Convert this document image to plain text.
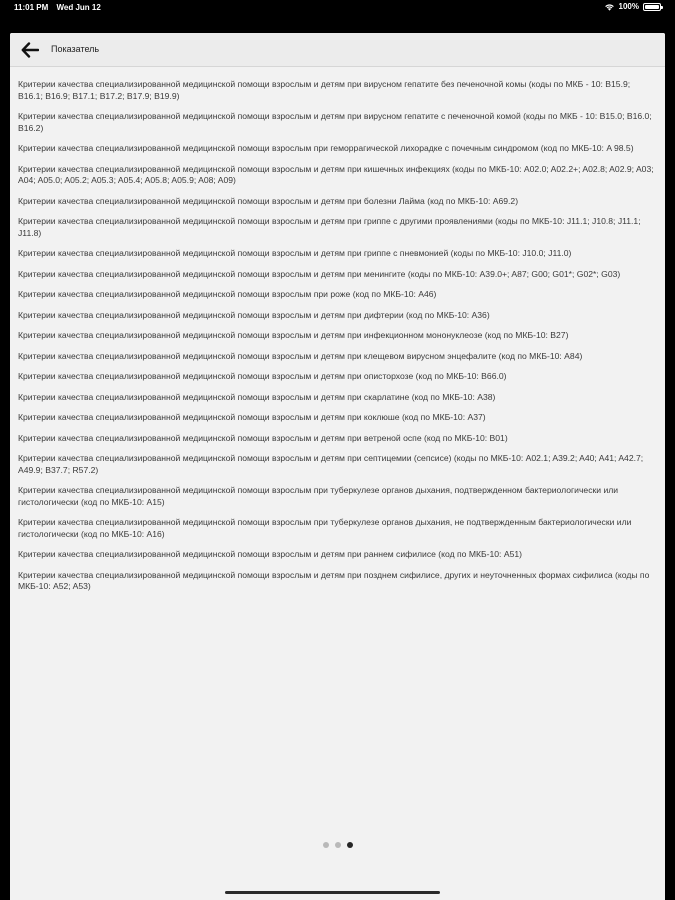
11:01 PM Wed Jun 12	100%
Показатель
Критерии качества специализированной медицинской помощи взрослым и детям при вирусном гепатите без печеночной комы (коды по МКБ - 10: B15.9; B16.1; B16.9; B17.1; B17.2; B17.9; B19.9)
Критерии качества специализированной медицинской помощи взрослым и детям при вирусном гепатите с печеночной комой (коды по МКБ - 10: B15.0; B16.0; B16.2)
Критерии качества специализированной медицинской помощи взрослым при геморрагической лихорадке с почечным синдромом (код по МКБ-10: A 98.5)
Критерии качества специализированной медицинской помощи взрослым и детям при кишечных инфекциях (коды по МКБ-10: A02.0; A02.2+; A02.8; A02.9; A03; A04; A05.0; A05.2; A05.3; A05.4; A05.8; A05.9; A08; A09)
Критерии качества специализированной медицинской помощи взрослым и детям при болезни Лайма (код по МКБ-10: A69.2)
Критерии качества специализированной медицинской помощи взрослым и детям при гриппе с другими проявлениями (коды по МКБ-10: J11.1; J10.8; J11.1; J11.8)
Критерии качества специализированной медицинской помощи взрослым и детям при гриппе с пневмонией (коды по МКБ-10: J10.0; J11.0)
Критерии качества специализированной медицинской помощи взрослым и детям при менингите (коды по МКБ-10: A39.0+; A87; G00; G01*; G02*; G03)
Критерии качества специализированной медицинской помощи взрослым при роже (код по МКБ-10: A46)
Критерии качества специализированной медицинской помощи взрослым и детям при дифтерии (код по МКБ-10: A36)
Критерии качества специализированной медицинской помощи взрослым и детям при инфекционном мононуклеозе (код по МКБ-10: B27)
Критерии качества специализированной медицинской помощи взрослым и детям при клещевом вирусном энцефалите (код по МКБ-10: A84)
Критерии качества специализированной медицинской помощи взрослым и детям при описторхозе (код по МКБ-10: B66.0)
Критерии качества специализированной медицинской помощи взрослым и детям при скарлатине (код по МКБ-10: A38)
Критерии качества специализированной медицинской помощи взрослым и детям при коклюше (код по МКБ-10: A37)
Критерии качества специализированной медицинской помощи взрослым и детям при ветреной оспе (код по МКБ-10: B01)
Критерии качества специализированной медицинской помощи взрослым и детям при септицемии (сепсисе) (коды по МКБ-10: A02.1; A39.2; A40; A41; A42.7; A49.9; B37.7; R57.2)
Критерии качества специализированной медицинской помощи взрослым при туберкулезе органов дыхания, подтвержденном бактериологически или гистологически (код по МКБ-10: A15)
Критерии качества специализированной медицинской помощи взрослым при туберкулезе органов дыхания, не подтвержденным бактериологически или гистологически (код по МКБ-10: A16)
Критерии качества специализированной медицинской помощи взрослым и детям при раннем сифилисе (код по МКБ-10: A51)
Критерии качества специализированной медицинской помощи взрослым и детям при позднем сифилисе, других и неуточненных формах сифилиса (коды по МКБ-10: A52; A53)
